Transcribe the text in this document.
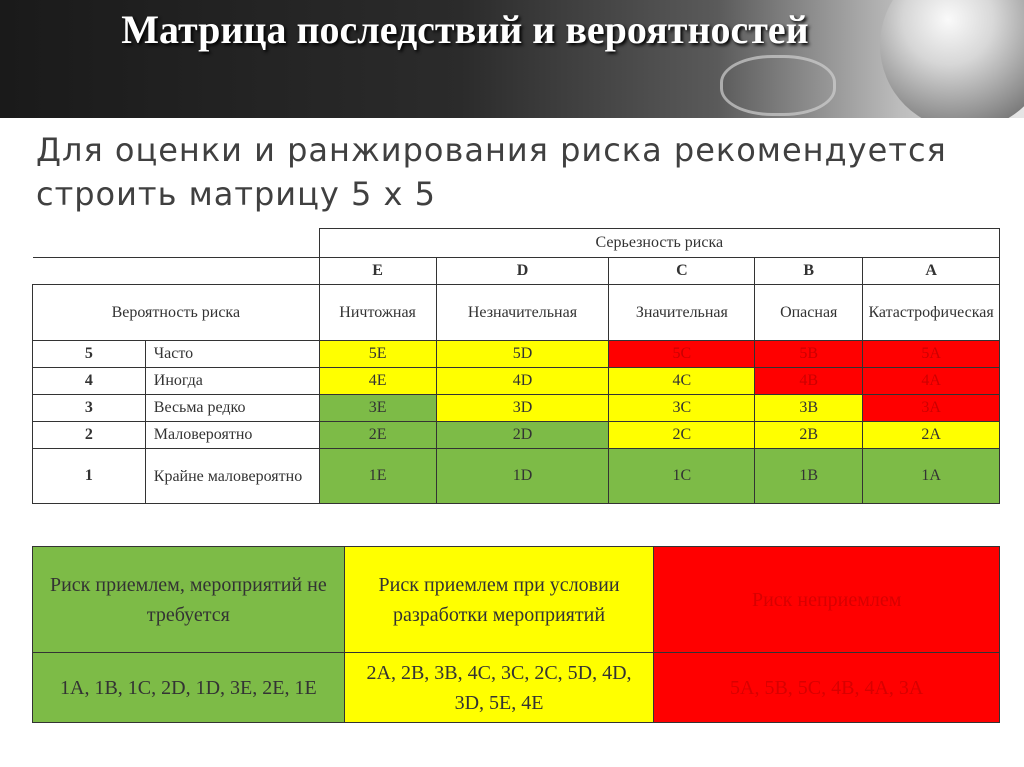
Матрица последствий и вероятностей
Для оценки и ранжирования риска рекомендуется строить матрицу 5 х 5
		Серьезность риска				
		E	D	C	B	A
Вероятность риска		Ничтожная	Незначительная	Значительная	Опасная	Катастрофическая
5	Часто	5E	5D	5C	5B	5A
4	Иногда	4E	4D	4C	4B	4A
3	Весьма редко	3E	3D	3C	3B	3A
2	Маловероятно	2E	2D	2C	2B	2A
1	Крайне маловероятно	1E	1D	1C	1B	1A
Риск приемлем, мероприятий не требуется	Риск приемлем при условии разработки мероприятий	Риск неприемлем
1A, 1B, 1C, 2D, 1D, 3E, 2E, 1E	2A, 2B, 3B, 4C, 3C, 2C, 5D, 4D, 3D, 5E, 4E	5A, 5B, 5C, 4B, 4A, 3A
